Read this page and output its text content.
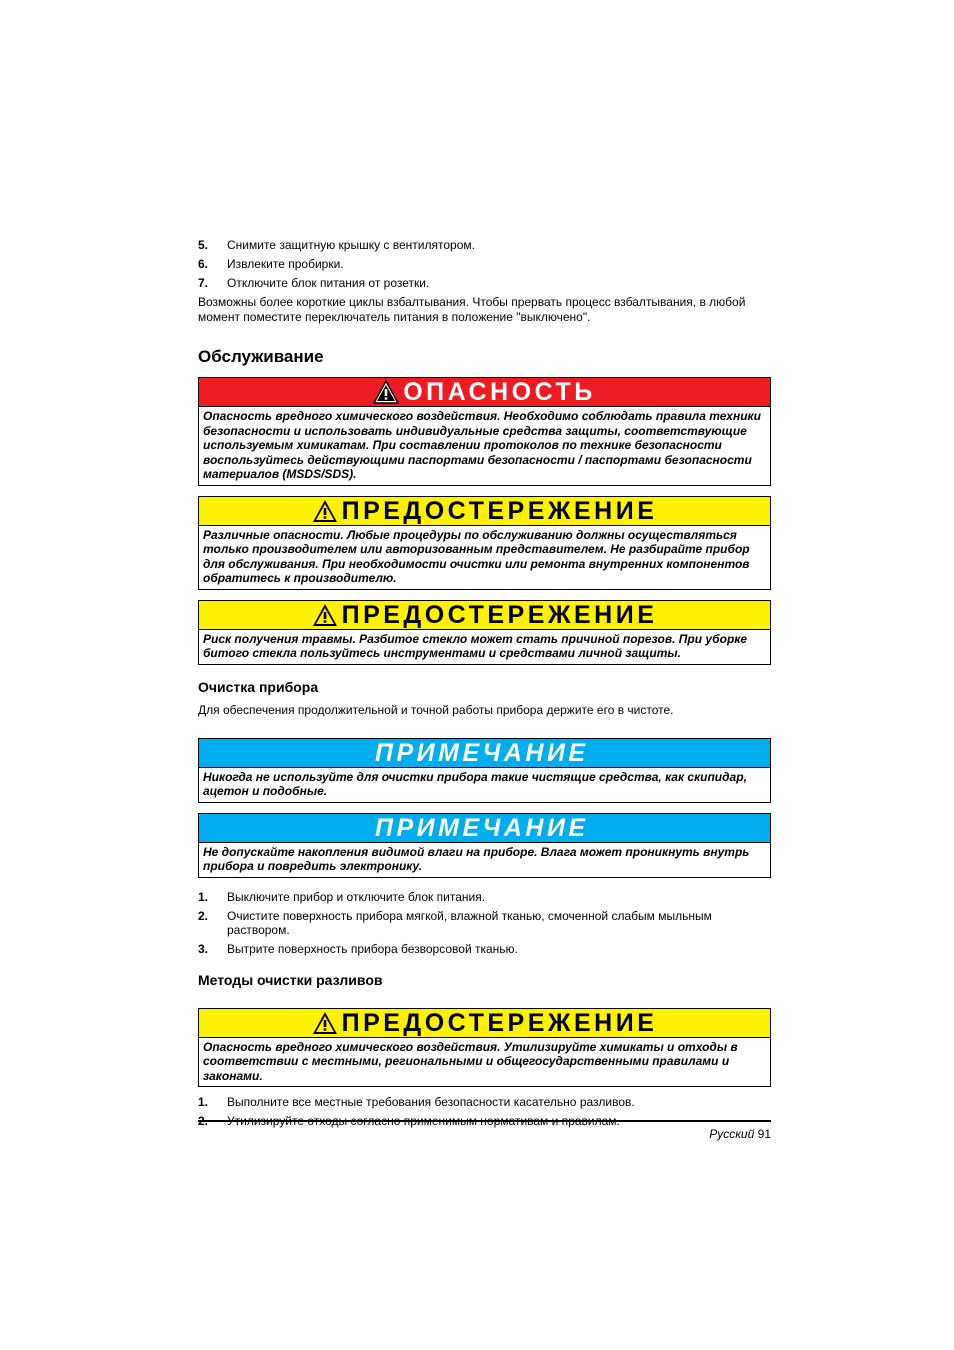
5.	Снимите защитную крышку с вентилятором.
6.	Извлеките пробирки.
7.	Отключите блок питания от розетки.

Возможны более короткие циклы взбалтывания. Чтобы прервать процесс взбалтывания, в любой момент поместите переключатель питания в положение "выключено".

Обслуживание
ОПАСНОСТЬ
Опасность вредного химического воздействия. Необходимо соблюдать правила техники безопасности и использовать индивидуальные средства защиты, соответствующие используемым химикатам. При составлении протоколов по технике безопасности воспользуйтесь действующими паспортами безопасности / паспортами безопасности материалов (MSDS/SDS).
ПРЕДОСТЕРЕЖЕНИЕ
Различные опасности. Любые процедуры по обслуживанию должны осуществляться только производителем или авторизованным представителем. Не разбирайте прибор для обслуживания. При необходимости очистки или ремонта внутренних компонентов обратитесь к производителю.
ПРЕДОСТЕРЕЖЕНИЕ
Риск получения травмы. Разбитое стекло может стать причиной порезов. При уборке битого стекла пользуйтесь инструментами и средствами личной защиты.
Очистка прибора

Для обеспечения продолжительной и точной работы прибора держите его в чистоте.

ПРИМЕЧАНИЕ
Никогда не используйте для очистки прибора такие чистящие средства, как скипидар, ацетон и подобные.
ПРИМЕЧАНИЕ
Не допускайте накопления видимой влаги на приборе. Влага может проникнуть внутрь прибора и повредить электронику.
1.	Выключите прибор и отключите блок питания.
2.	Очистите поверхность прибора мягкой, влажной тканью, смоченной слабым мыльным раствором.
3.	Вытрите поверхность прибора безворсовой тканью.
Методы очистки разливов
ПРЕДОСТЕРЕЖЕНИЕ
Опасность вредного химического воздействия. Утилизируйте химикаты и отходы в соответствии с местными, региональными и общегосударственными правилами и законами.
1.	Выполните все местные требования безопасности касательно разливов.
Русский 91
